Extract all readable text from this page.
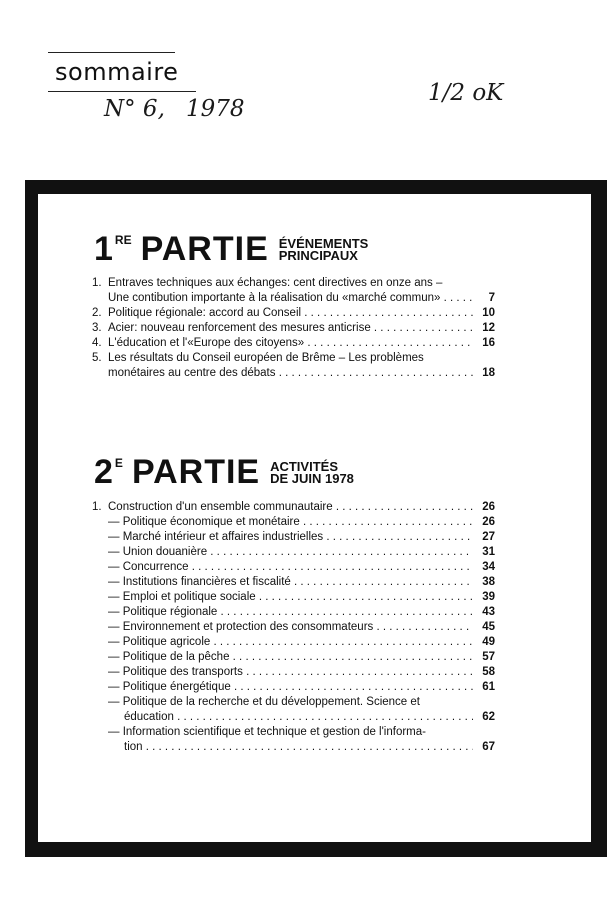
sommaire
N° 6, 1978
1/2 oK
1 RE PARTIE ÉVÉNEMENTS
PRINCIPAUX
1. Entraves techniques aux échanges: cent directives en onze ans –
Une contibution importante à la réalisation du «marché commun» . . .	7
2. Politique régionale: accord au Conseil . . .	10
3. Acier: nouveau renforcement des mesures anticrise . . .	12
4. L'éducation et l'«Europe des citoyens» . . .	16
5. Les résultats du Conseil européen de Brême – Les problèmes
monétaires au centre des débats . . .	18
2 E PARTIE ACTIVITÉS
DE JUIN 1978
1. Construction d'un ensemble communautaire . . .	26
— Politique économique et monétaire . . .	26
— Marché intérieur et affaires industrielles . . .	27
— Union douanière . . .	31
— Concurrence . . .	34
— Institutions financières et fiscalité . . .	38
— Emploi et politique sociale . . .	39
— Politique régionale . . .	43
— Environnement et protection des consommateurs . . .	45
— Politique agricole . . .	49
— Politique de la pêche . . .	57
— Politique des transports . . .	58
— Politique énergétique . . .	61
— Politique de la recherche et du développement. Science et
éducation . . .	62
— Information scientifique et technique et gestion de l'informa-
tion . . .	67
